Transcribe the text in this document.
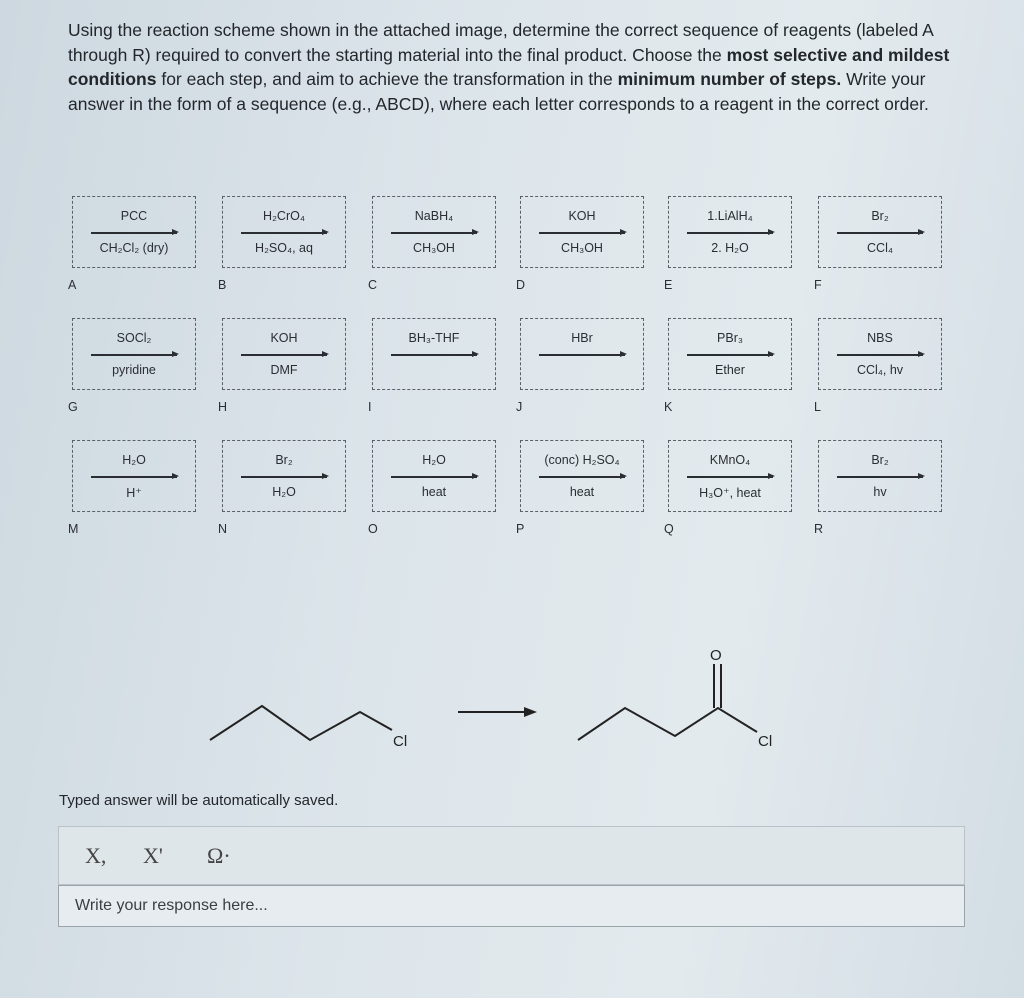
Using the reaction scheme shown in the attached image, determine the correct sequence of reagents (labeled A through R) required to convert the starting material into the final product. Choose the most selective and mildest conditions for each step, and aim to achieve the transformation in the minimum number of steps. Write your answer in the form of a sequence (e.g., ABCD), where each letter corresponds to a reagent in the correct order.
PCC
CH₂Cl₂ (dry)
A
H₂CrO₄
H₂SO₄, aq
B
NaBH₄
CH₃OH
C
KOH
CH₃OH
D
1.LiAlH₄
2. H₂O
E
Br₂
CCl₄
F
SOCl₂
pyridine
G
KOH
DMF
H
BH₃-THF
I
HBr
J
PBr₃
Ether
K
NBS
CCl₄, hv
L
H₂O
H⁺
M
Br₂
H₂O
N
H₂O
heat
O
(conc) H₂SO₄
heat
P
KMnO₄
H₃O⁺, heat
Q
Br₂
hv
R
Cl
O
Cl
Typed answer will be automatically saved.
X, X' Ω·
Write your response here...
